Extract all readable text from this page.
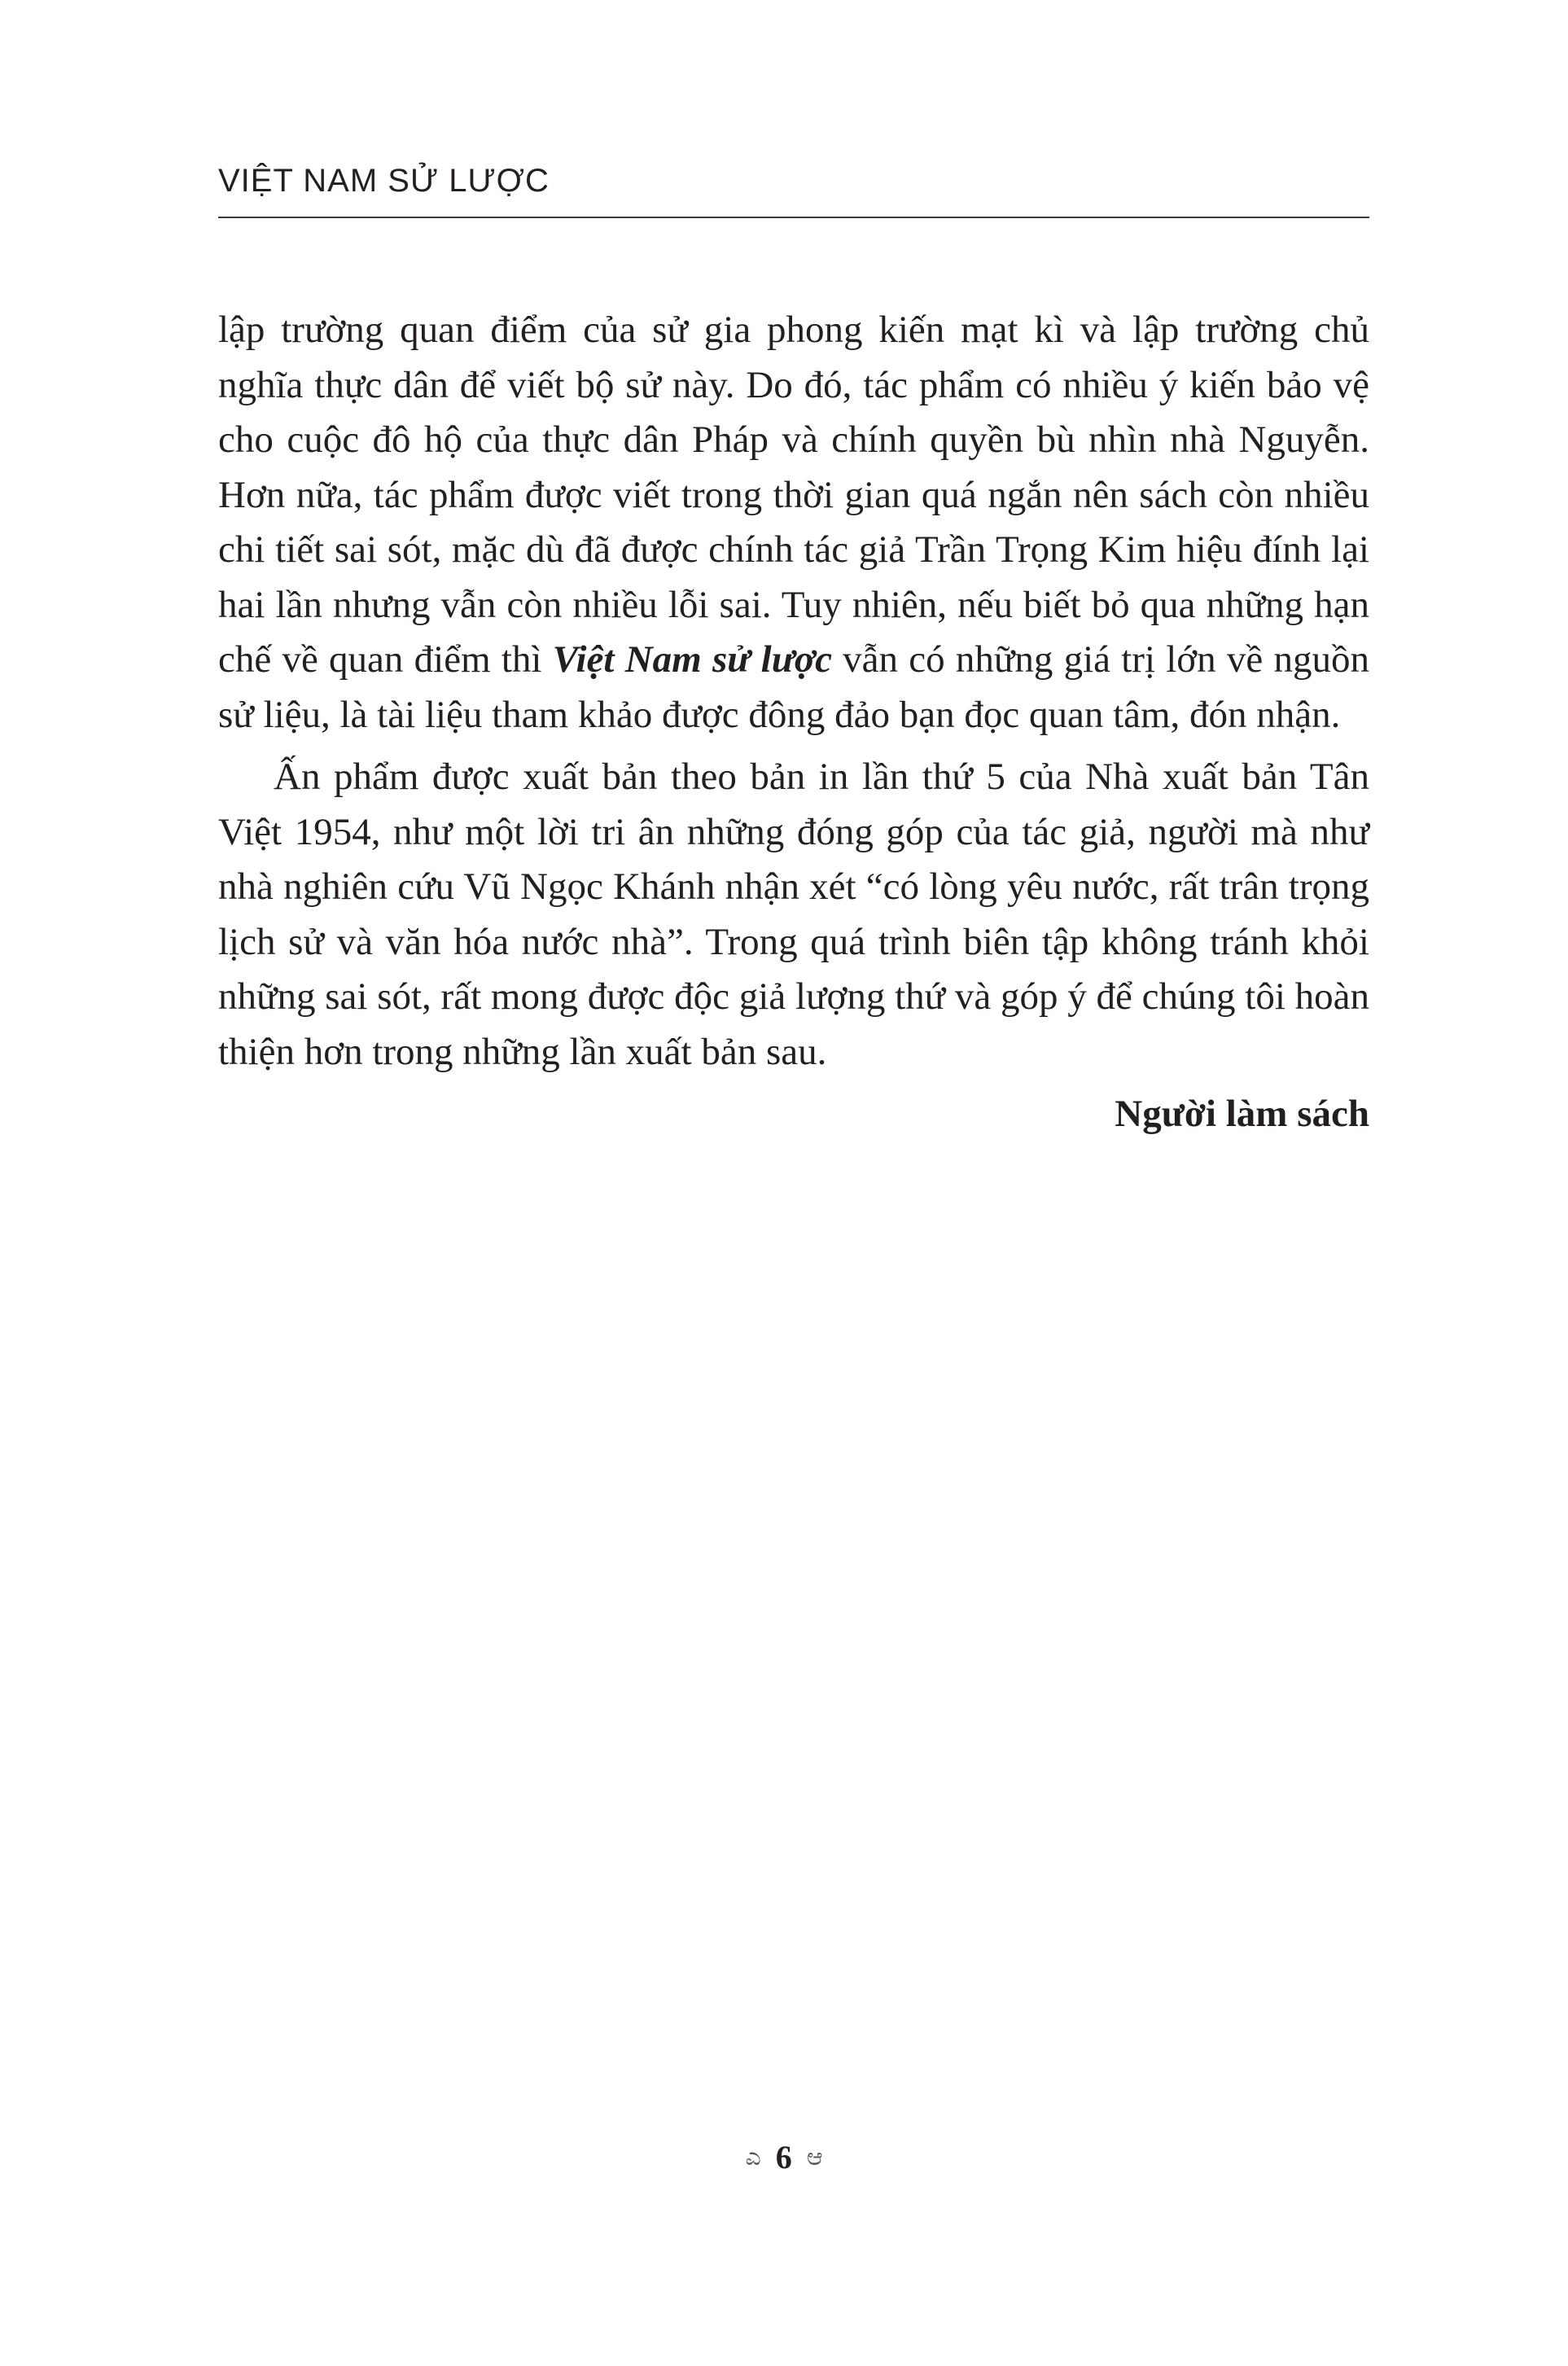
VIỆT NAM SỬ LƯỢC

lập trường quan điểm của sử gia phong kiến mạt kì và lập trường chủ nghĩa thực dân để viết bộ sử này. Do đó, tác phẩm có nhiều ý kiến bảo vệ cho cuộc đô hộ của thực dân Pháp và chính quyền bù nhìn nhà Nguyễn. Hơn nữa, tác phẩm được viết trong thời gian quá ngắn nên sách còn nhiều chi tiết sai sót, mặc dù đã được chính tác giả Trần Trọng Kim hiệu đính lại hai lần nhưng vẫn còn nhiều lỗi sai. Tuy nhiên, nếu biết bỏ qua những hạn chế về quan điểm thì Việt Nam sử lược vẫn có những giá trị lớn về nguồn sử liệu, là tài liệu tham khảo được đông đảo bạn đọc quan tâm, đón nhận.

Ấn phẩm được xuất bản theo bản in lần thứ 5 của Nhà xuất bản Tân Việt 1954, như một lời tri ân những đóng góp của tác giả, người mà như nhà nghiên cứu Vũ Ngọc Khánh nhận xét “có lòng yêu nước, rất trân trọng lịch sử và văn hóa nước nhà”. Trong quá trình biên tập không tránh khỏi những sai sót, rất mong được độc giả lượng thứ và góp ý để chúng tôi hoàn thiện hơn trong những lần xuất bản sau.

Người làm sách

ಎ 6 ಆ
